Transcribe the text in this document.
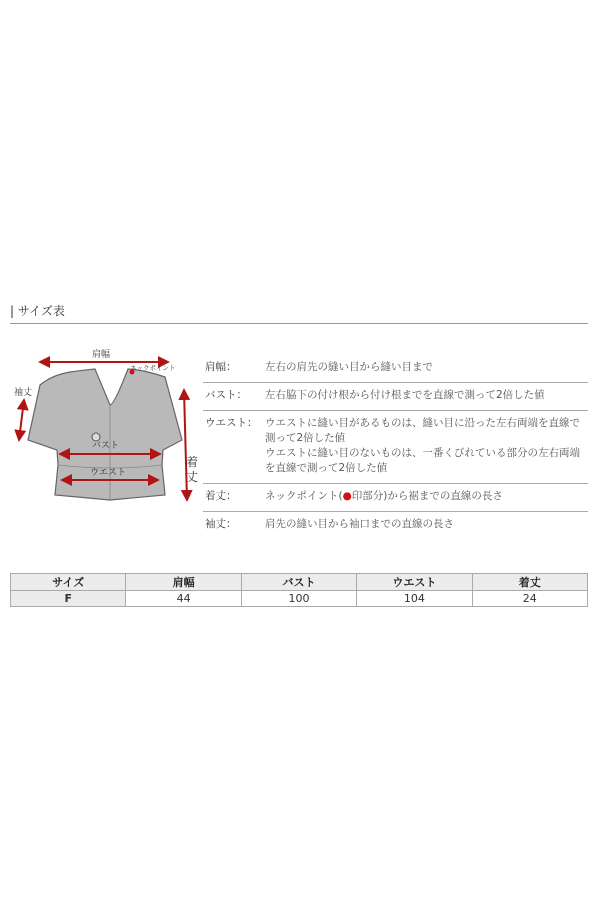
| サイズ表
肩幅
ネックポイント
袖丈
バスト
ウエスト
着
丈
肩幅：	左右の肩先の縫い目から縫い目まで
バスト：	左右脇下の付け根から付け根までを直線で測って2倍した値
ウエスト： ウエストに縫い目があるものは、縫い目に沿った左右両端を直線で
測って2倍した値
ウエストに縫い目のないものは、一番くびれている部分の左右両端
を直線で測って2倍した値
着丈：	ネックポイント(●印部分)から裾までの直線の長さ
袖丈：	肩先の縫い目から袖口までの直線の長さ
サイズ	肩幅	バスト	ウエスト	着丈
F	44	100	104	24
